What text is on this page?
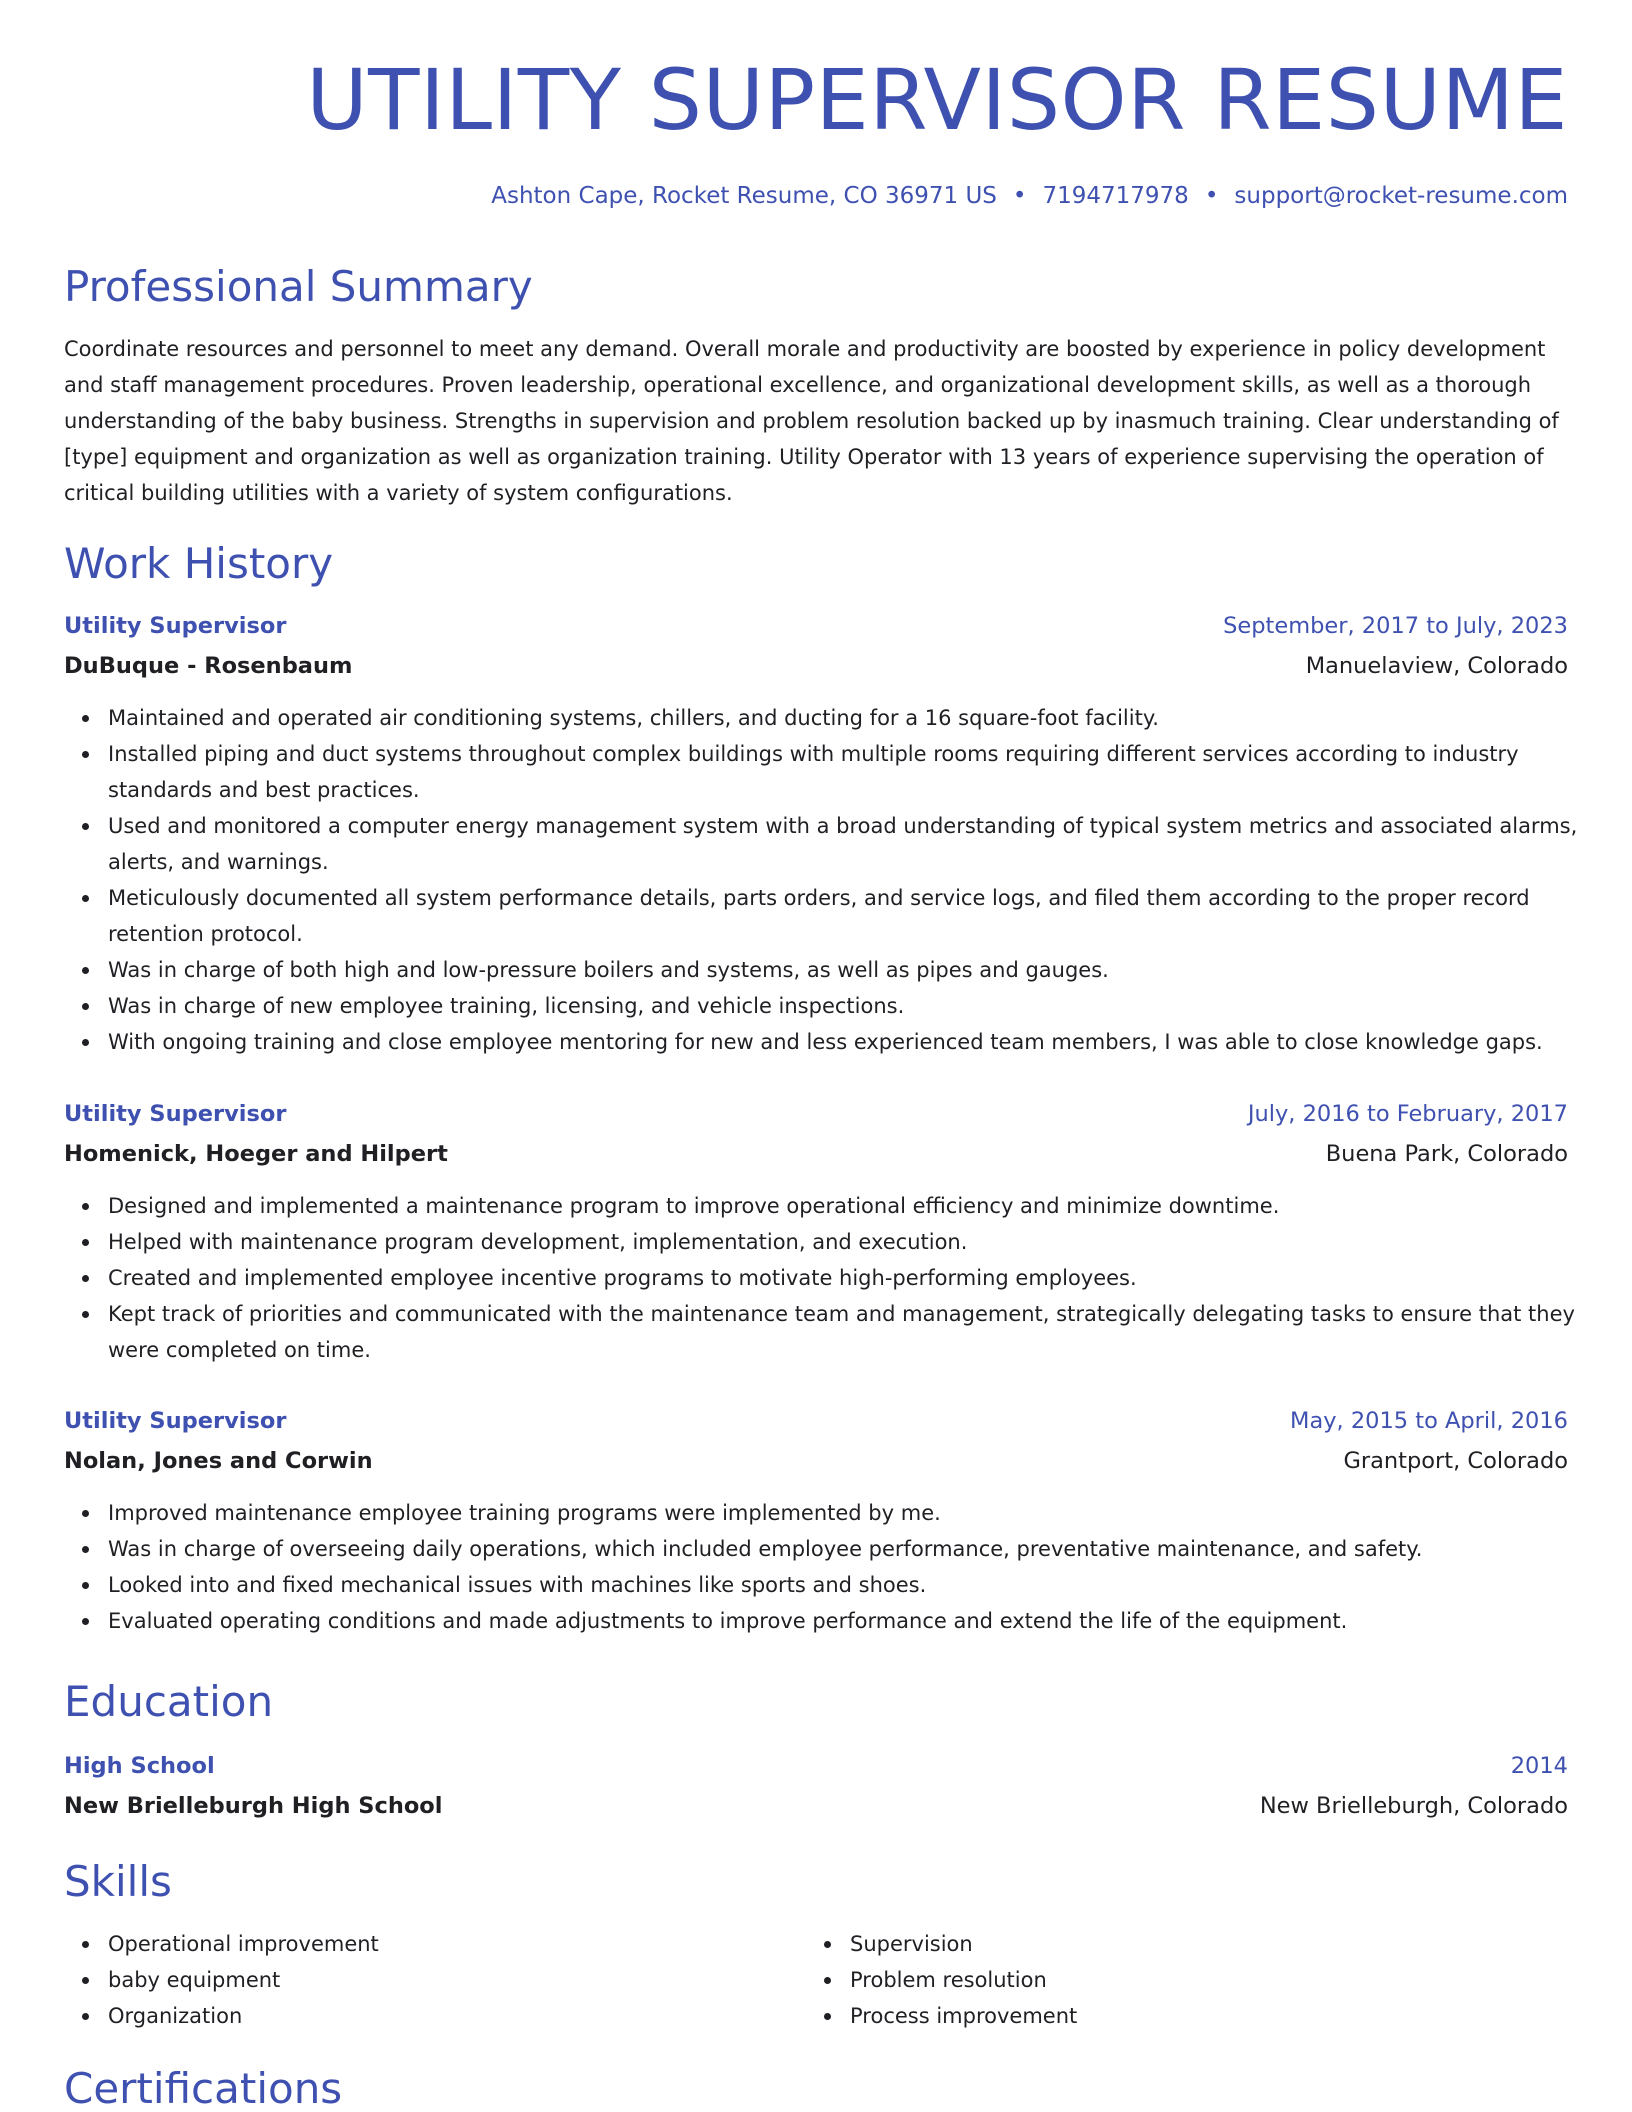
UTILITY SUPERVISOR RESUME
Ashton Cape, Rocket Resume, CO 36971 US • 7194717978 • support@rocket-resume.com
Professional Summary
Coordinate resources and personnel to meet any demand. Overall morale and productivity are boosted by experience in policy development and staff management procedures. Proven leadership, operational excellence, and organizational development skills, as well as a thorough understanding of the baby business. Strengths in supervision and problem resolution backed up by inasmuch training. Clear understanding of [type] equipment and organization as well as organization training. Utility Operator with 13 years of experience supervising the operation of critical building utilities with a variety of system configurations.
Work History
Utility Supervisor	September, 2017 to July, 2023
DuBuque - Rosenbaum	Manuelaview, Colorado
Maintained and operated air conditioning systems, chillers, and ducting for a 16 square-foot facility.
Installed piping and duct systems throughout complex buildings with multiple rooms requiring different services according to industry standards and best practices.
Used and monitored a computer energy management system with a broad understanding of typical system metrics and associated alarms, alerts, and warnings.
Meticulously documented all system performance details, parts orders, and service logs, and filed them according to the proper record retention protocol.
Was in charge of both high and low-pressure boilers and systems, as well as pipes and gauges.
Was in charge of new employee training, licensing, and vehicle inspections.
With ongoing training and close employee mentoring for new and less experienced team members, I was able to close knowledge gaps.
Utility Supervisor	July, 2016 to February, 2017
Homenick, Hoeger and Hilpert	Buena Park, Colorado
Designed and implemented a maintenance program to improve operational efficiency and minimize downtime.
Helped with maintenance program development, implementation, and execution.
Created and implemented employee incentive programs to motivate high-performing employees.
Kept track of priorities and communicated with the maintenance team and management, strategically delegating tasks to ensure that they were completed on time.
Utility Supervisor	May, 2015 to April, 2016
Nolan, Jones and Corwin	Grantport, Colorado
Improved maintenance employee training programs were implemented by me.
Was in charge of overseeing daily operations, which included employee performance, preventative maintenance, and safety.
Looked into and fixed mechanical issues with machines like sports and shoes.
Evaluated operating conditions and made adjustments to improve performance and extend the life of the equipment.
Education
High School	2014
New Brielleburgh High School	New Brielleburgh, Colorado
Skills
Operational improvement
baby equipment
Organization
Supervision
Problem resolution
Process improvement
Certifications
